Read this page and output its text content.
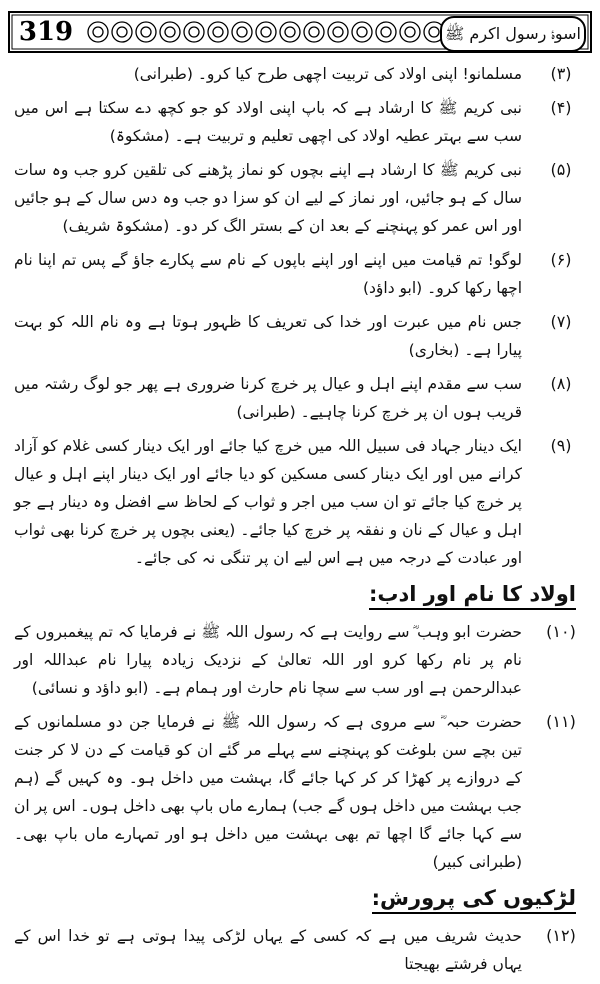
319	اسوۂ رسول اکرم ﷺ
(۳)
مسلمانو! اپنی اولاد کی تربیت اچھی طرح کیا کرو۔ (طبرانی)
(۴)
نبی کریم ﷺ کا ارشاد ہے کہ باپ اپنی اولاد کو جو کچھ دے سکتا ہے اس میں سب سے بہتر عطیہ اولاد کی اچھی تعلیم و تربیت ہے۔ (مشکوۃ)
(۵)
نبی کریم ﷺ کا ارشاد ہے اپنے بچوں کو نماز پڑھنے کی تلقین کرو جب وہ سات سال کے ہو جائیں، اور نماز کے لیے ان کو سزا دو جب وہ دس سال کے ہو جائیں اور اس عمر کو پہنچنے کے بعد ان کے بستر الگ کر دو۔ (مشکوۃ شریف)
(۶)
لوگو! تم قیامت میں اپنے اور اپنے باپوں کے نام سے پکارے جاؤ گے پس تم اپنا نام اچھا رکھا کرو۔ (ابو داؤد)
(۷)
جس نام میں عبرت اور خدا کی تعریف کا ظہور ہوتا ہے وہ نام اللہ کو بہت پیارا ہے۔ (بخاری)
(۸)
سب سے مقدم اپنے اہل و عیال پر خرچ کرنا ضروری ہے پھر جو لوگ رشتہ میں قریب ہوں ان پر خرچ کرنا چاہیے۔ (طبرانی)
(۹)
ایک دینار جہاد فی سبیل اللہ میں خرچ کیا جائے اور ایک دینار کسی غلام کو آزاد کرانے میں اور ایک دینار کسی مسکین کو دیا جائے اور ایک دینار اپنے اہل و عیال پر خرچ کیا جائے تو ان سب میں اجر و ثواب کے لحاظ سے افضل وہ دینار ہے جو اہل و عیال کے نان و نفقہ پر خرچ کیا جائے۔ (یعنی بچوں پر خرچ کرنا بھی ثواب اور عبادت کے درجہ میں ہے اس لیے ان پر تنگی نہ کی جائے۔
اولاد کا نام اور ادب:
(۱۰)
حضرت ابو وہب ؓ سے روایت ہے کہ رسول اللہ ﷺ نے فرمایا کہ تم پیغمبروں کے نام پر نام رکھا کرو اور اللہ تعالیٰ کے نزدیک زیادہ پیارا نام عبداللہ اور عبدالرحمن ہے اور سب سے سچا نام حارث اور ہمام ہے۔ (ابو داؤد و نسائی)
(۱۱)
حضرت حبہ ؓ سے مروی ہے کہ رسول اللہ ﷺ نے فرمایا جن دو مسلمانوں کے تین بچے سن بلوغت کو پہنچنے سے پہلے مر گئے ان کو قیامت کے دن لا کر جنت کے دروازے پر کھڑا کر کر کہا جائے گا، بہشت میں داخل ہو۔ وہ کہیں گے (ہم جب بہشت میں داخل ہوں گے جب) ہمارے ماں باپ بھی داخل ہوں۔ اس پر ان سے کہا جائے گا اچھا تم بھی بہشت میں داخل ہو اور تمہارے ماں باپ بھی۔ (طبرانی کبیر)
لڑکیوں کی پرورش:
(۱۲)
حدیث شریف میں ہے کہ کسی کے یہاں لڑکی پیدا ہوتی ہے تو خدا اس کے یہاں فرشتے بھیجتا
